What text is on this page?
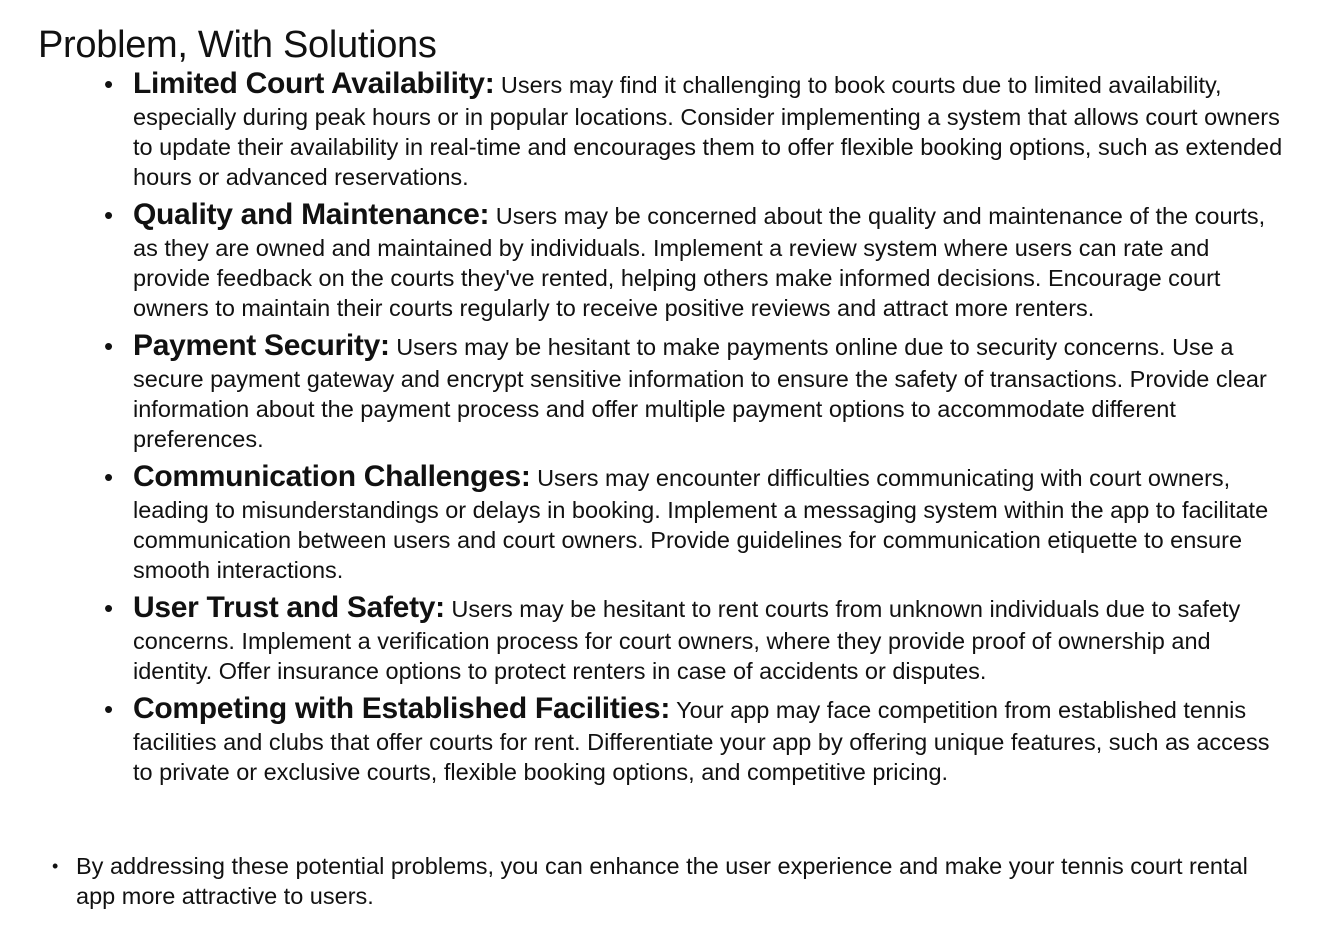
Problem, With Solutions
• Limited Court Availability: Users may find it challenging to book courts due to limited availability, especially during peak hours or in popular locations. Consider implementing a system that allows court owners to update their availability in real-time and encourages them to offer flexible booking options, such as extended hours or advanced reservations.
• Quality and Maintenance: Users may be concerned about the quality and maintenance of the courts, as they are owned and maintained by individuals. Implement a review system where users can rate and provide feedback on the courts they've rented, helping others make informed decisions. Encourage court owners to maintain their courts regularly to receive positive reviews and attract more renters.
• Payment Security: Users may be hesitant to make payments online due to security concerns. Use a secure payment gateway and encrypt sensitive information to ensure the safety of transactions. Provide clear information about the payment process and offer multiple payment options to accommodate different preferences.
• Communication Challenges: Users may encounter difficulties communicating with court owners, leading to misunderstandings or delays in booking. Implement a messaging system within the app to facilitate communication between users and court owners. Provide guidelines for communication etiquette to ensure smooth interactions.
• User Trust and Safety: Users may be hesitant to rent courts from unknown individuals due to safety concerns. Implement a verification process for court owners, where they provide proof of ownership and identity. Offer insurance options to protect renters in case of accidents or disputes.
• Competing with Established Facilities: Your app may face competition from established tennis facilities and clubs that offer courts for rent. Differentiate your app by offering unique features, such as access to private or exclusive courts, flexible booking options, and competitive pricing.

• By addressing these potential problems, you can enhance the user experience and make your tennis court rental app more attractive to users.
